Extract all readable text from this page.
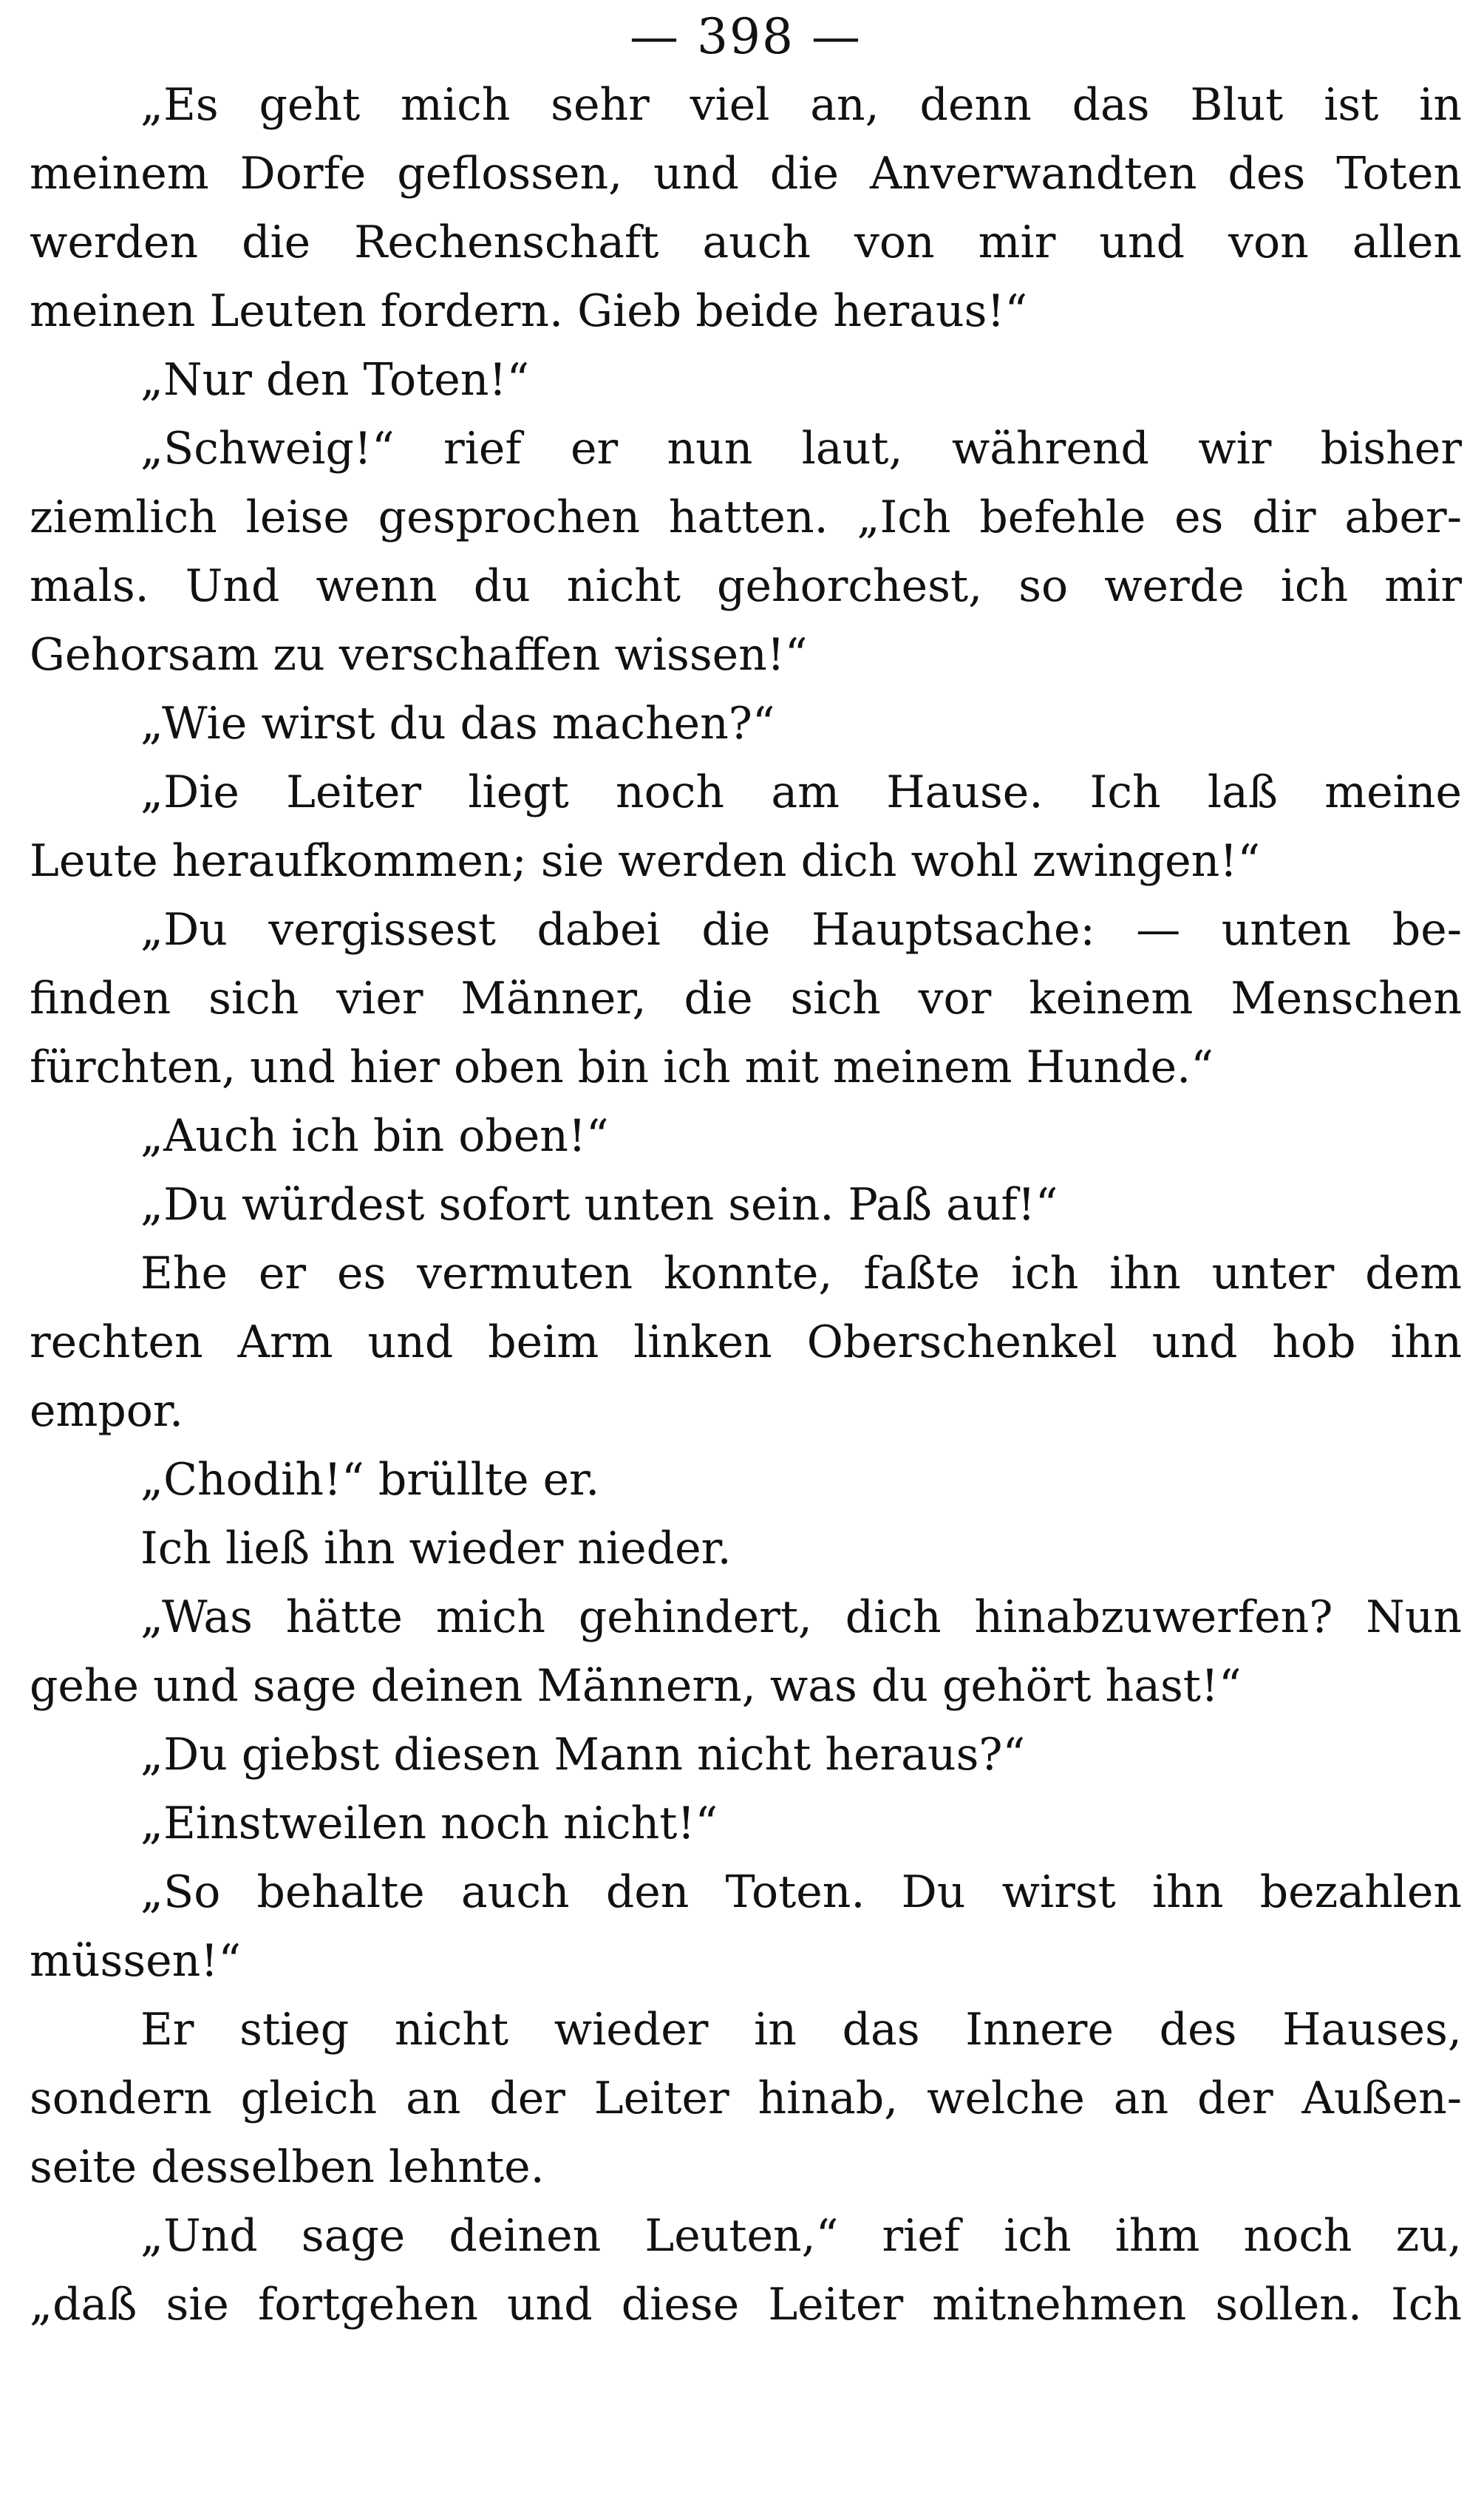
— 398 —
„Es geht mich sehr viel an, denn das Blut ist in
meinem Dorfe geflossen, und die Anverwandten des Toten
werden die Rechenschaft auch von mir und von allen
meinen Leuten fordern. Gieb beide heraus!“
„Nur den Toten!“
„Schweig!“ rief er nun laut, während wir bisher
ziemlich leise gesprochen hatten. „Ich befehle es dir aber-
mals. Und wenn du nicht gehorchest, so werde ich mir
Gehorsam zu verschaffen wissen!“
„Wie wirst du das machen?“
„Die Leiter liegt noch am Hause. Ich laß meine
Leute heraufkommen; sie werden dich wohl zwingen!“
„Du vergissest dabei die Hauptsache: — unten be-
finden sich vier Männer, die sich vor keinem Menschen
fürchten, und hier oben bin ich mit meinem Hunde.“
„Auch ich bin oben!“
„Du würdest sofort unten sein. Paß auf!“
Ehe er es vermuten konnte, faßte ich ihn unter dem
rechten Arm und beim linken Oberschenkel und hob ihn
empor.
„Chodih!“ brüllte er.
Ich ließ ihn wieder nieder.
„Was hätte mich gehindert, dich hinabzuwerfen? Nun
gehe und sage deinen Männern, was du gehört hast!“
„Du giebst diesen Mann nicht heraus?“
„Einstweilen noch nicht!“
„So behalte auch den Toten. Du wirst ihn bezahlen
müssen!“
Er stieg nicht wieder in das Innere des Hauses,
sondern gleich an der Leiter hinab, welche an der Außen-
seite desselben lehnte.
„Und sage deinen Leuten,“ rief ich ihm noch zu,
„daß sie fortgehen und diese Leiter mitnehmen sollen. Ich
